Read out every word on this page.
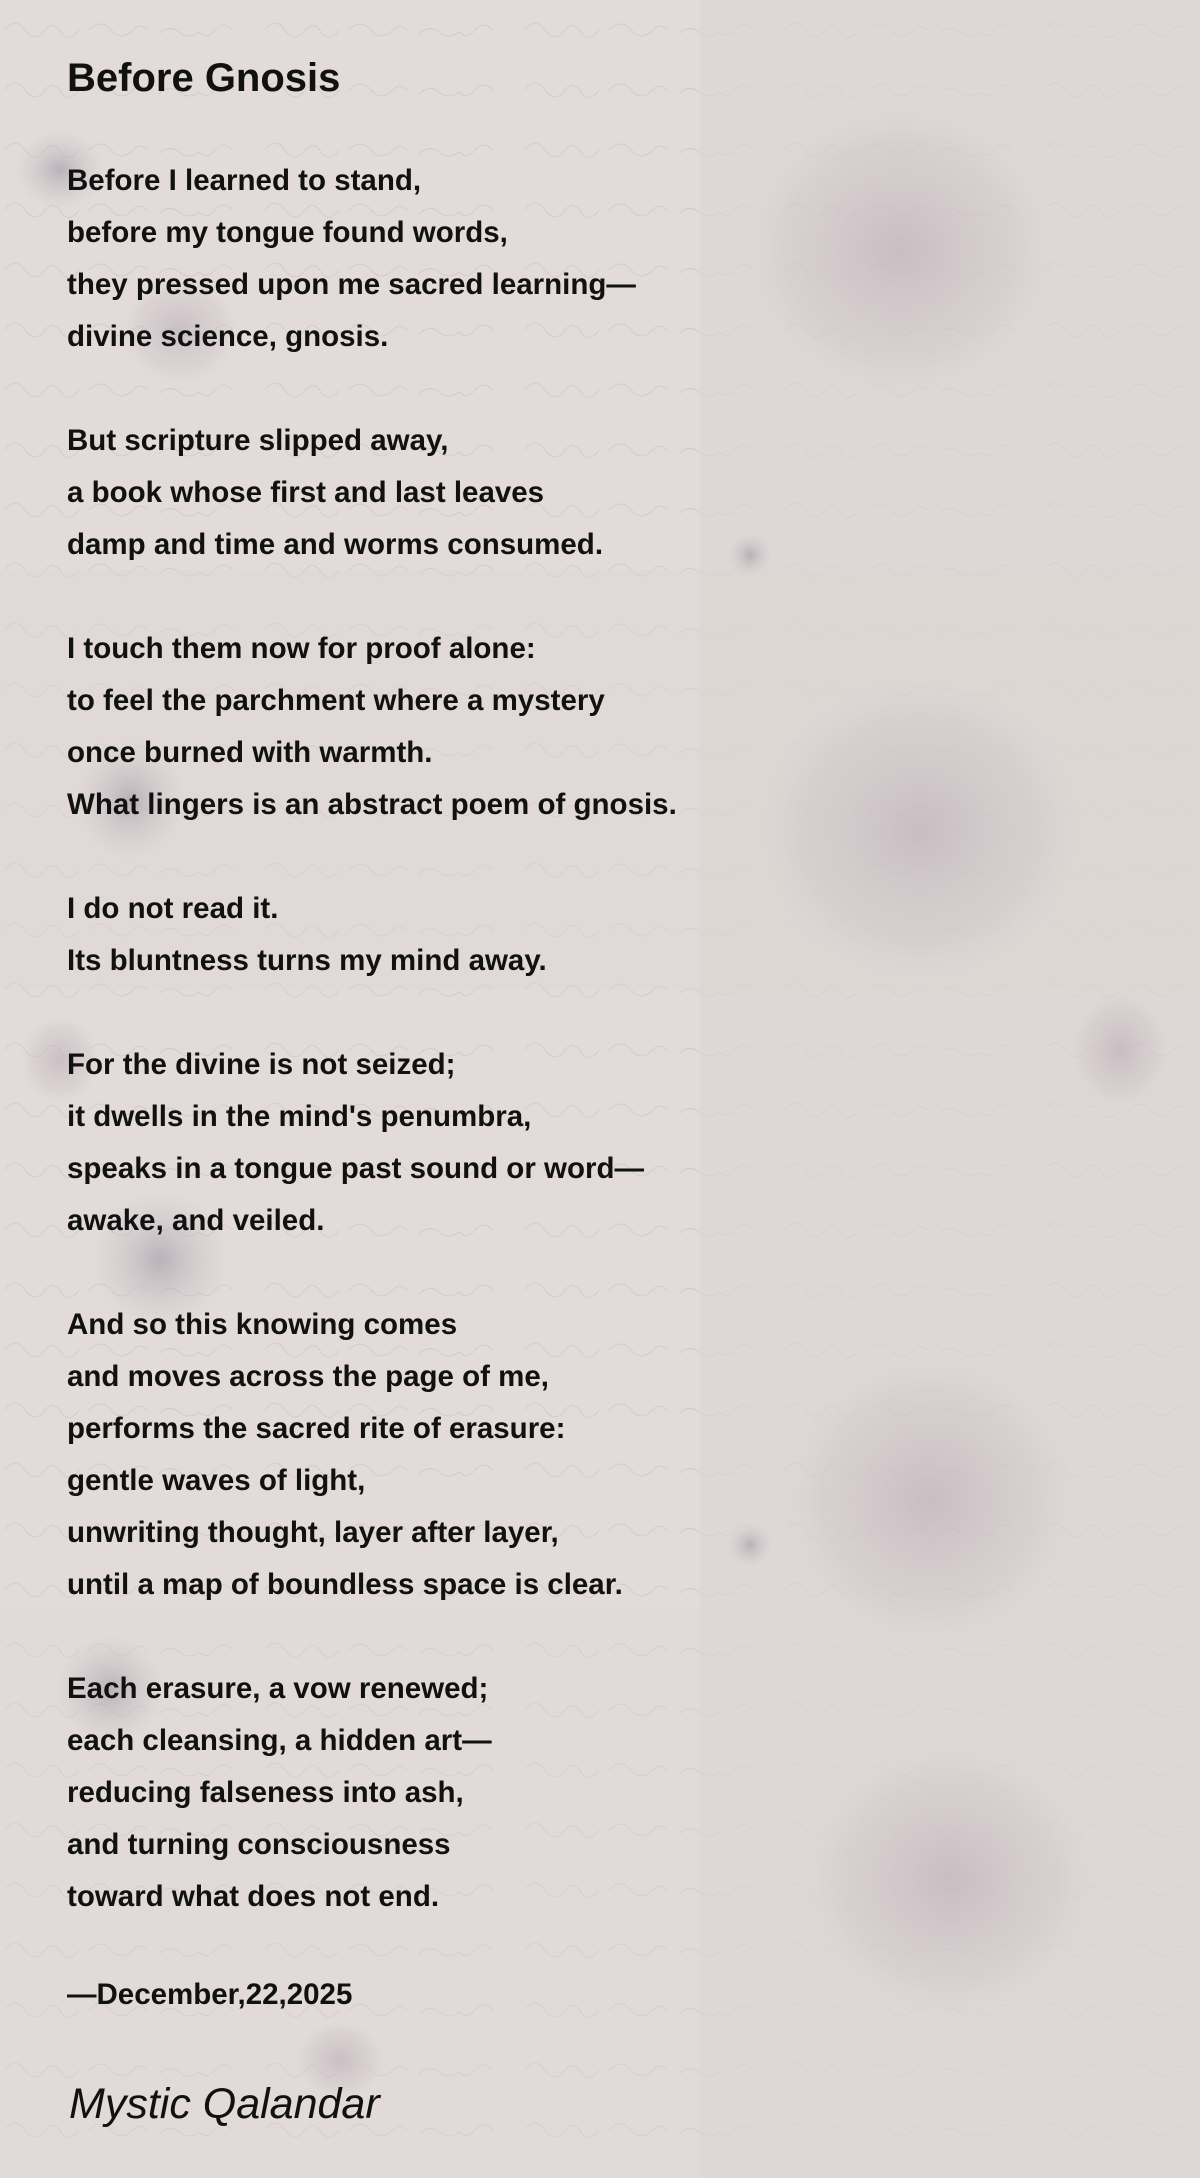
Before Gnosis
Before I learned to stand,
before my tongue found words,
they pressed upon me sacred learning—
divine science, gnosis.
But scripture slipped away,
a book whose first and last leaves
damp and time and worms consumed.
I touch them now for proof alone:
to feel the parchment where a mystery
once burned with warmth.
What lingers is an abstract poem of gnosis.
I do not read it.
Its bluntness turns my mind away.
For the divine is not seized;
it dwells in the mind's penumbra,
speaks in a tongue past sound or word—
awake, and veiled.
And so this knowing comes
and moves across the page of me,
performs the sacred rite of erasure:
gentle waves of light,
unwriting thought, layer after layer,
until a map of boundless space is clear.
Each erasure, a vow renewed;
each cleansing, a hidden art—
reducing falseness into ash,
and turning consciousness
toward what does not end.
—December,22,2025
Mystic Qalandar
